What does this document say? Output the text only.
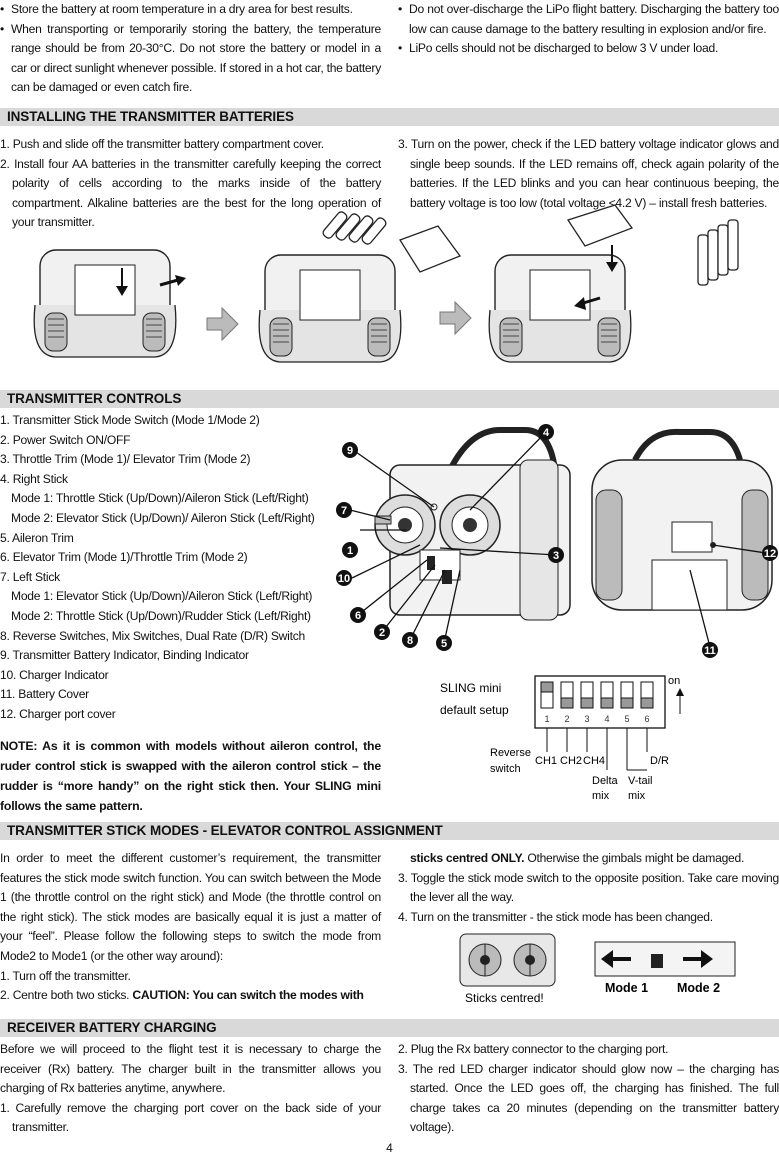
• Store the battery at room temperature in a dry area for best results.
• When transporting or temporarily storing the battery, the temperature range should be from 20-30°C. Do not store the battery or model in a car or direct sunlight whenever possible. If stored in a hot car, the battery can be damaged or even catch fire.
• Do not over-discharge the LiPo flight battery. Discharging the battery too low can cause damage to the battery resulting in explosion and/or fire.
• LiPo cells should not be discharged to below 3 V under load.
INSTALLING THE TRANSMITTER BATTERIES
1. Push and slide off the transmitter battery compartment cover.
2. Install four AA batteries in the transmitter carefully keeping the correct polarity of cells according to the marks inside of the battery compartment. Alkaline batteries are the best for the long operation of your transmitter.
3. Turn on the power, check if the LED battery voltage indicator glows and single beep sounds. If the LED remains off, check again polarity of the batteries. If the LED blinks and you can hear continuous beeping, the battery voltage is too low (total voltage <4.2 V) – install fresh batteries.
TRANSMITTER CONTROLS
1. Transmitter Stick Mode Switch (Mode 1/Mode 2)
2. Power Switch ON/OFF
3. Throttle Trim (Mode 1)/ Elevator Trim (Mode 2)
4. Right Stick
Mode 1: Throttle Stick (Up/Down)/Aileron Stick (Left/Right)
Mode 2: Elevator Stick (Up/Down)/ Aileron Stick (Left/Right)
5. Aileron Trim
6. Elevator Trim (Mode 1)/Throttle Trim (Mode 2)
7. Left Stick
Mode 1: Elevator Stick (Up/Down)/Aileron Stick (Left/Right)
Mode 2: Throttle Stick (Up/Down)/Rudder Stick (Left/Right)
8. Reverse Switches, Mix Switches, Dual Rate (D/R) Switch
9. Transmitter Battery Indicator, Binding Indicator
10. Charger Indicator
11. Battery Cover
12. Charger port cover
NOTE: As it is common with models without aileron control, the ruder control stick is swapped with the aileron control stick – the rudder is “more handy” on the right stick then. Your SLING mini follows the same pattern.
1
2
3
4
5
6
7
8
9
10
11
12
SLING mini
default setup
1 2 3 4 5 6
on
Reverse
switch
CH1 CH2 CH4	D/R
Delta
mix
V-tail
mix
TRANSMITTER STICK MODES - ELEVATOR CONTROL ASSIGNMENT
In order to meet the different customer’s requirement, the transmitter features the stick mode switch function. You can switch between the Mode 1 (the throttle control on the right stick) and Mode (the throttle control on the right stick). The stick modes are basically equal it is just a matter of your “feel”. Please follow the following steps to switch the mode from Mode2 to Mode1 (or the other way around):
1. Turn off the transmitter.
2. Centre both two sticks. CAUTION: You can switch the modes with
sticks centred ONLY. Otherwise the gimbals might be damaged.
3. Toggle the stick mode switch to the opposite position. Take care moving the lever all the way.
4. Turn on the transmitter - the stick mode has been changed.
Sticks centred!
Mode 1 Mode 2
RECEIVER BATTERY CHARGING
Before we will proceed to the flight test it is necessary to charge the receiver (Rx) battery. The charger built in the transmitter allows you charging of Rx batteries anytime, anywhere.
1. Carefully remove the charging port cover on the back side of your transmitter.
2. Plug the Rx battery connector to the charging port.
3. The red LED charger indicator should glow now – the charging has started. Once the LED goes off, the charging has finished. The full charge takes ca 20 minutes (depending on the transmitter battery voltage).
4
